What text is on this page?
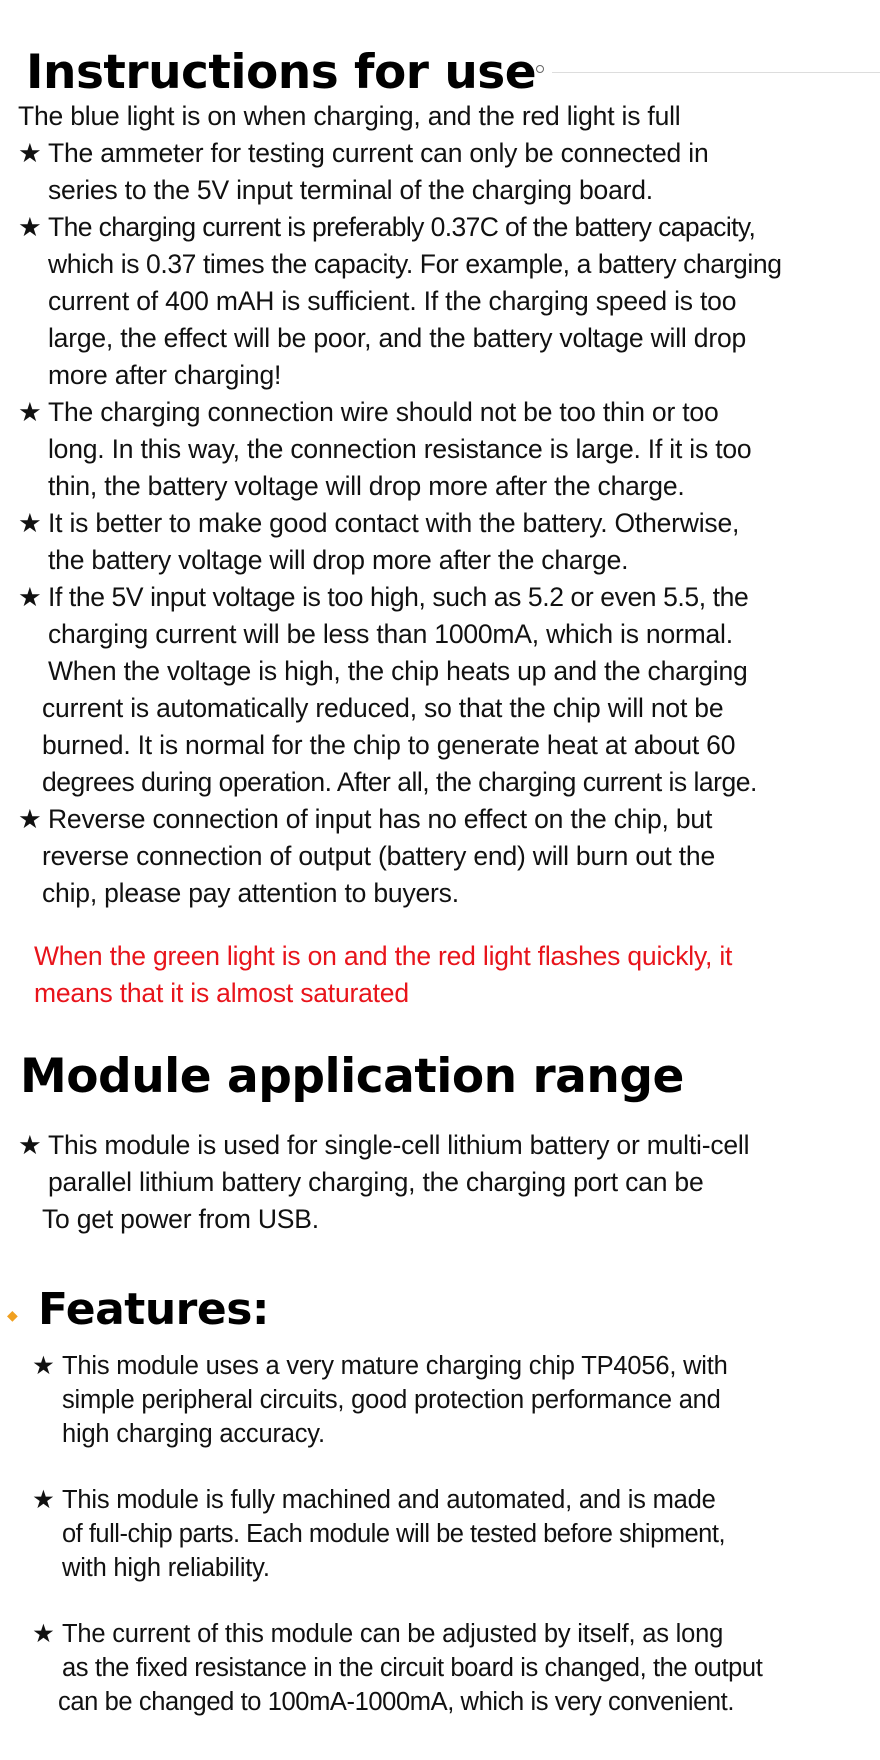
Instructions for use
The blue light is on when charging, and the red light is full
★ The ammeter for testing current can only be connected in
series to the 5V input terminal of the charging board.
★ The charging current is preferably 0.37C of the battery capacity,
which is 0.37 times the capacity. For example, a battery charging
current of 400 mAH is sufficient. If the charging speed is too
large, the effect will be poor, and the battery voltage will drop
more after charging!
★ The charging connection wire should not be too thin or too
long. In this way, the connection resistance is large. If it is too
thin, the battery voltage will drop more after the charge.
★ It is better to make good contact with the battery. Otherwise,
the battery voltage will drop more after the charge.
★ If the 5V input voltage is too high, such as 5.2 or even 5.5, the
charging current will be less than 1000mA, which is normal.
When the voltage is high, the chip heats up and the charging
current is automatically reduced, so that the chip will not be
burned. It is normal for the chip to generate heat at about 60
degrees during operation. After all, the charging current is large.
★ Reverse connection of input has no effect on the chip, but
reverse connection of output (battery end) will burn out the
chip, please pay attention to buyers.
When the green light is on and the red light flashes quickly, it
means that it is almost saturated
Module application range
★ This module is used for single-cell lithium battery or multi-cell
parallel lithium battery charging, the charging port can be
To get power from USB.
◆ Features:
★ This module uses a very mature charging chip TP4056, with
simple peripheral circuits, good protection performance and
high charging accuracy.
★ This module is fully machined and automated, and is made
of full-chip parts. Each module will be tested before shipment,
with high reliability.
★ The current of this module can be adjusted by itself, as long
as the fixed resistance in the circuit board is changed, the output
can be changed to 100mA-1000mA, which is very convenient.
